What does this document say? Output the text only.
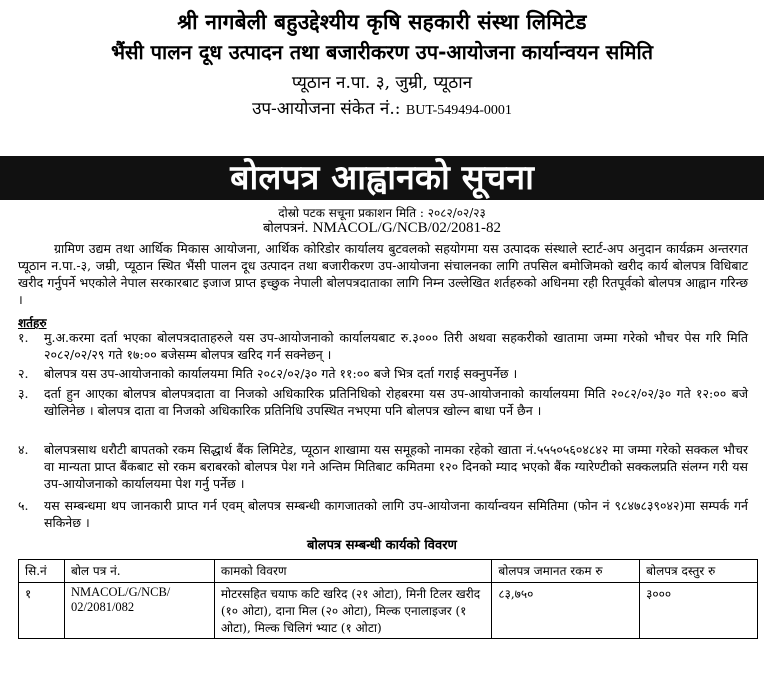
श्री नागबेली बहुउद्देश्यीय कृषि सहकारी संस्था लिमिटेड
भैंसी पालन दूध उत्पादन तथा बजारीकरण उप-आयोजना कार्यान्वयन समिति
प्यूठान न.पा. ३, जुम्री, प्यूठान
उप-आयोजना संकेत नं.: BUT-549494-0001
बोलपत्र आह्वानको सूचना
दोस्रो पटक सचूना प्रकाशन मिति : २०८२/०२/२३
बोलपत्रनं. NMACOL/G/NCB/02/2081-82
ग्रामिण उद्यम तथा आर्थिक मिकास आयोजना, आर्थिक कोरिडोर कार्यालय बुटवलको सहयोगमा यस उत्पादक संस्थाले स्टार्ट-अप अनुदान कार्यक्रम अन्तरगत प्यूठान न.पा.-३, जम्री, प्यूठान स्थित भैंसी पालन दूध उत्पादन तथा बजारीकरण उप-आयोजना संचालनका लागि तपसिल बमोजिमको खरीद कार्य बोलपत्र विधिबाट खरीद गर्नुपर्ने भएकोले नेपाल सरकारबाट इजाज प्राप्त इच्छुक नेपाली बोलपत्रदाताका लागि निम्न उल्लेखित शर्तहरुको अधिनमा रही रितपूर्वको बोलपत्र आह्वान गरिन्छ ।
शर्तहरु
१.	मु.अ.करमा दर्ता भएका बोलपत्रदाताहरुले यस उप-आयोजनाको कार्यालयबाट रु.३००० तिरी अथवा सहकरीको खातामा जम्मा गरेको भौचर पेस गरि मिति २०८२/०२/२९ गते १७:०० बजेसम्म बोलपत्र खरिद गर्न सक्नेछन् ।
२.	बोलपत्र यस उप-आयोजनाको कार्यालयमा मिति २०८२/०२/३० गते ११:०० बजे भित्र दर्ता गराई सक्नुपर्नेछ ।
३.	दर्ता हुन आएका बोलपत्र बोलपत्रदाता वा निजको अधिकारिक प्रतिनिधिको रोहबरमा यस उप-आयोजनाको कार्यालयमा मिति २०८२/०२/३० गते १२:०० बजे खोलिनेछ । बोलपत्र दाता वा निजको अधिकारिक प्रतिनिधि उपस्थित नभएमा पनि बोलपत्र खोल्न बाधा पर्ने छैन ।
४.	बोलपत्रसाथ धरौटी बापतको रकम सिद्धार्थ बैंक लिमिटेड, प्यूठान शाखामा यस समूहको नामका रहेको खाता नं.५५५०५६०४८४२ मा जम्मा गरेको सक्कल भौचर वा मान्यता प्राप्त बैंकबाट सो रकम बराबरको बोलपत्र पेश गने अन्तिम मितिबाट कमितमा १२० दिनको म्याद भएको बैंक ग्यारेण्टीको सक्कलप्रति संलग्न गरी यस उप-आयोजनाको कार्यालयमा पेश गर्नु पर्नेछ ।
५.	यस सम्बन्धमा थप जानकारी प्राप्त गर्न एवम् बोलपत्र सम्बन्धी कागजातको लागि उप-आयोजना कार्यान्वयन समितिमा (फोन नं ९८४७८३९०४२)मा सम्पर्क गर्न सकिनेछ ।
बोलपत्र सम्बन्धी कार्यको विवरण
सि.नं	बोल पत्र नं.	कामको विवरण	बोलपत्र जमानत रकम रु	बोलपत्र दस्तुर रु
१	NMACOL/G/NCB/ 02/2081/082	मोटरसहित चयाफ कटि खरिद (२१ ओटा), मिनी टिलर खरीद (१० ओटा), दाना मिल (२० ओटा), मिल्क एनालाइजर (१ ओटा), मिल्क चिलिगं भ्याट (१ ओटा)	८३,७५०	३०००
